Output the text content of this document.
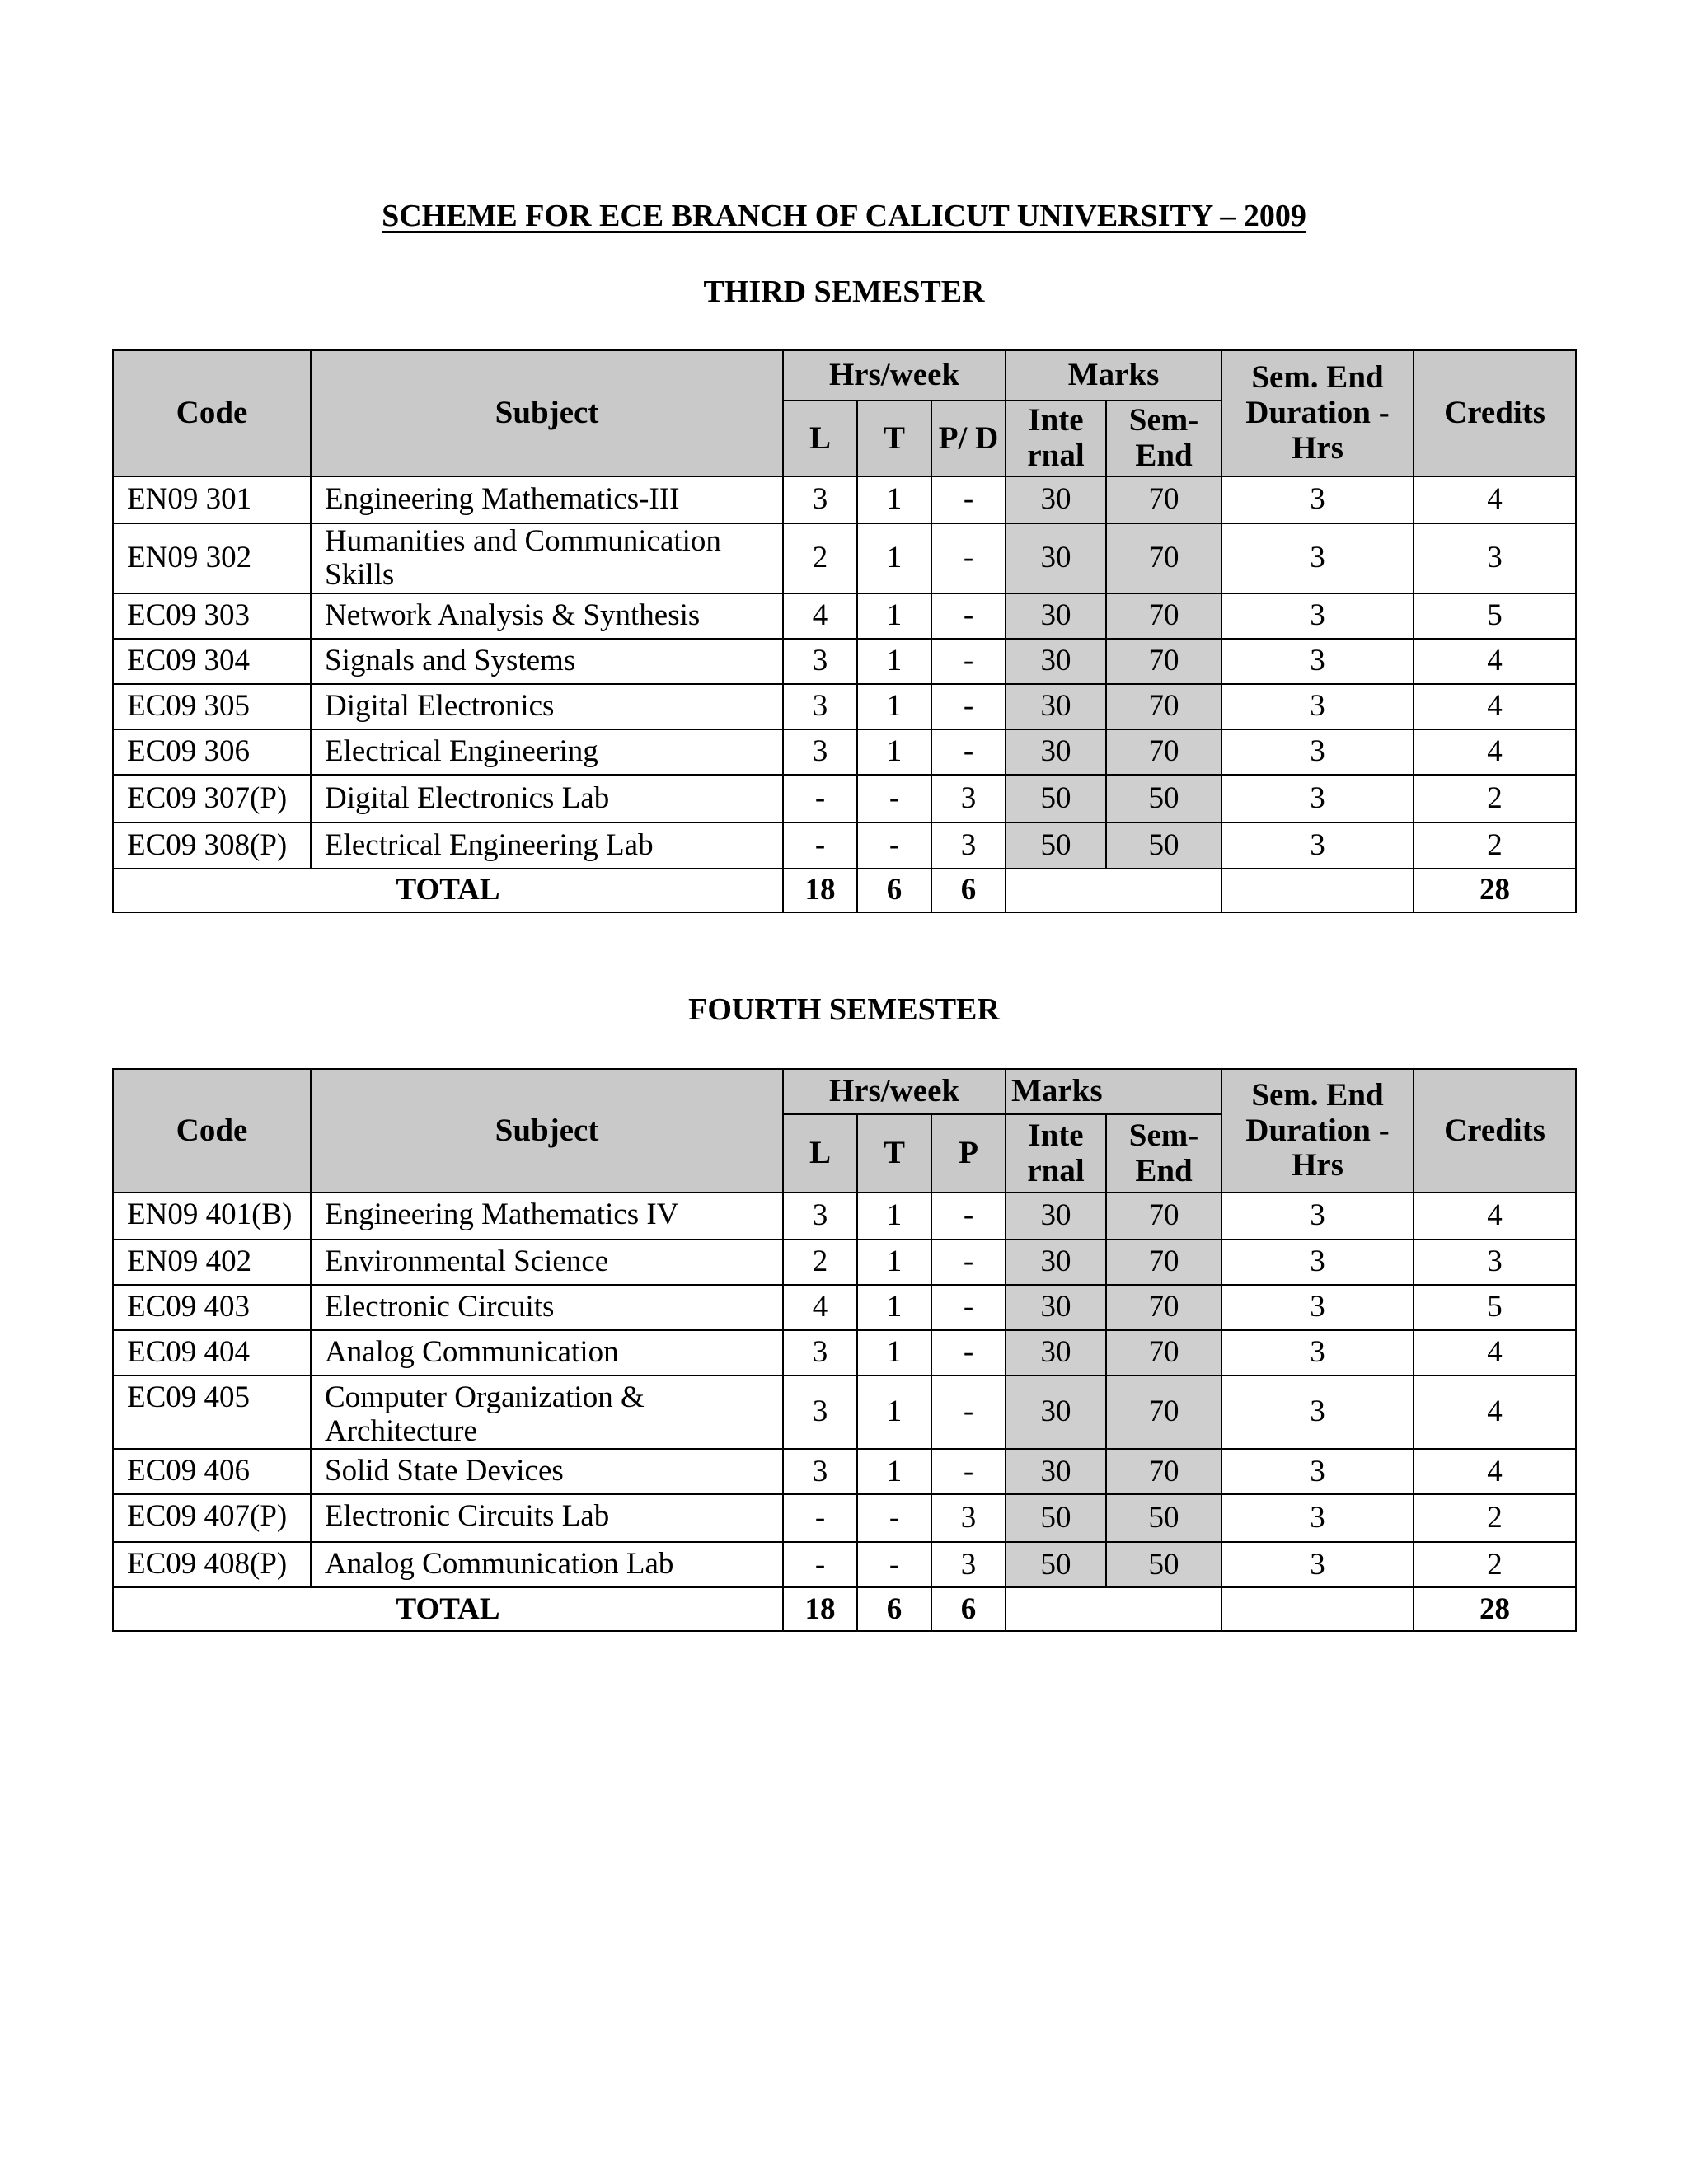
SCHEME FOR ECE BRANCH OF CALICUT UNIVERSITY – 2009
THIRD SEMESTER
Code	Subject	Hrs/week			Marks		Sem. End Duration - Hrs	Credits
		L	T	P/ D	Inte rnal	Sem- End		
EN09 301	Engineering Mathematics-III	3	1	-	30	70	3	4
EN09 302	Humanities and Communication Skills	2	1	-	30	70	3	3
EC09 303	Network Analysis & Synthesis	4	1	-	30	70	3	5
EC09 304	Signals and Systems	3	1	-	30	70	3	4
EC09 305	Digital Electronics	3	1	-	30	70	3	4
EC09 306	Electrical Engineering	3	1	-	30	70	3	4
EC09 307(P)	Digital Electronics Lab	-	-	3	50	50	3	2
EC09 308(P)	Electrical Engineering Lab	-	-	3	50	50	3	2
TOTAL		18	6	6				28
FOURTH SEMESTER
Code	Subject	Hrs/week			Marks		Sem. End Duration - Hrs	Credits
		L	T	P	Inte rnal	Sem- End		
EN09 401(B)	Engineering Mathematics IV	3	1	-	30	70	3	4
EN09 402	Environmental Science	2	1	-	30	70	3	3
EC09 403	Electronic Circuits	4	1	-	30	70	3	5
EC09 404	Analog Communication	3	1	-	30	70	3	4
EC09 405	Computer Organization & Architecture	3	1	-	30	70	3	4
EC09 406	Solid State Devices	3	1	-	30	70	3	4
EC09 407(P)	Electronic Circuits Lab	-	-	3	50	50	3	2
EC09 408(P)	Analog Communication Lab	-	-	3	50	50	3	2
TOTAL		18	6	6				28
